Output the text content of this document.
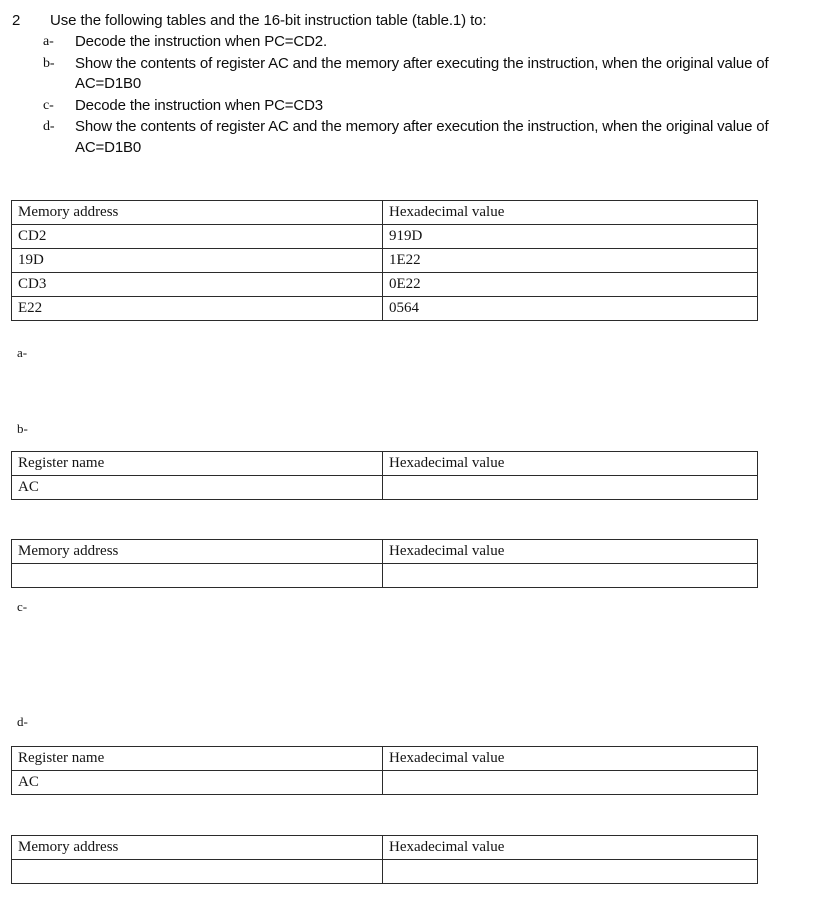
2 Use the following tables and the 16-bit instruction table (table.1) to:
a- Decode the instruction when PC=CD2.
b- Show the contents of register AC and the memory after executing the instruction, when the original value of AC=D1B0
c- Decode the instruction when PC=CD3
d- Show the contents of register AC and the memory after execution the instruction, when the original value of AC=D1B0
Memory address	Hexadecimal value
CD2	919D
19D	1E22
CD3	0E22
E22	0564
a-
b-
Register name	Hexadecimal value
AC	
Memory address	Hexadecimal value

c-
d-
Register name	Hexadecimal value
AC	
Memory address	Hexadecimal value
